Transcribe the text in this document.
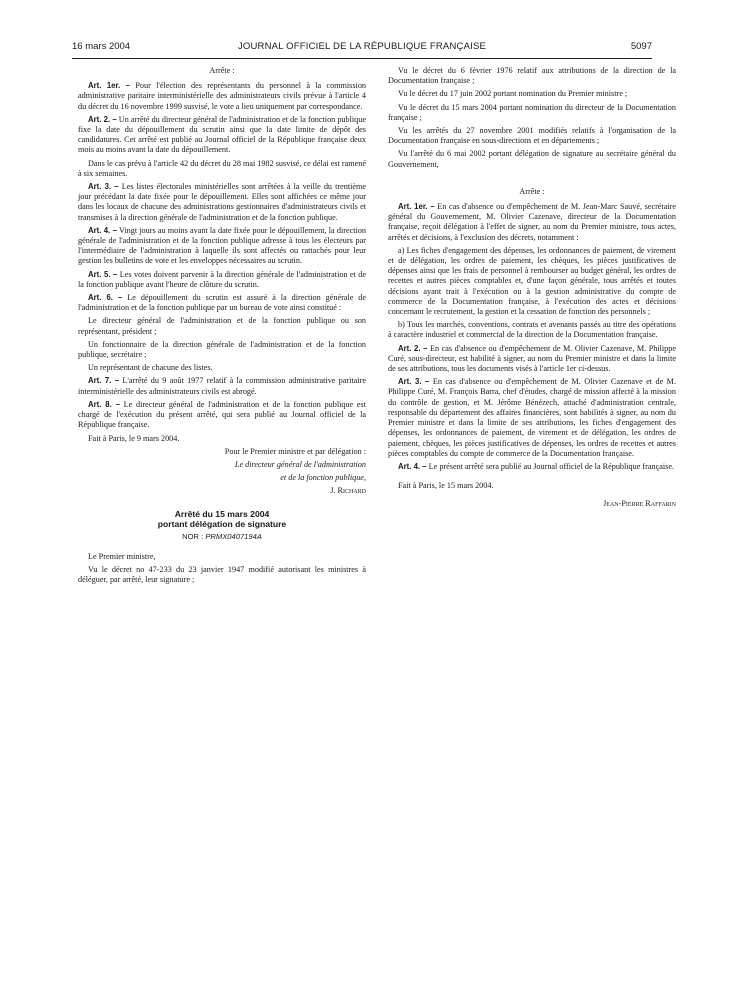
16 mars 2004	JOURNAL OFFICIEL DE LA RÉPUBLIQUE FRANÇAISE	5097

Arrête :

Art. 1er. – Pour l'élection des représentants du personnel à la commission administrative paritaire interministérielle des administrateurs civils prévue à l'article 4 du décret du 16 novembre 1999 susvisé, le vote a lieu uniquement par correspondance.

Art. 2. – Un arrêté du directeur général de l'administration et de la fonction publique fixe la date du dépouillement du scrutin ainsi que la date limite de dépôt des candidatures. Cet arrêté est publié au Journal officiel de la République française deux mois au moins avant la date du dépouillement.

Dans le cas prévu à l'article 42 du décret du 28 mai 1982 susvisé, ce délai est ramené à six semaines.

Art. 3. – Les listes électorales ministérielles sont arrêtées à la veille du trentième jour précédant la date fixée pour le dépouillement. Elles sont affichées ce même jour dans les locaux de chacune des administrations gestionnaires d'administrateurs civils et transmises à la direction générale de l'administration et de la fonction publique.

Art. 4. – Vingt jours au moins avant la date fixée pour le dépouillement, la direction générale de l'administration et de la fonction publique adresse à tous les électeurs par l'intermédiaire de l'administration à laquelle ils sont affectés ou rattachés pour leur gestion les bulletins de vote et les enveloppes nécessaires au scrutin.

Art. 5. – Les votes doivent parvenir à la direction générale de l'administration et de la fonction publique avant l'heure de clôture du scrutin.

Art. 6. – Le dépouillement du scrutin est assuré à la direction générale de l'administration et de la fonction publique par un bureau de vote ainsi constitué :

Le directeur général de l'administration et de la fonction publique ou son représentant, président ;

Un fonctionnaire de la direction générale de l'administration et de la fonction publique, secrétaire ;

Un représentant de chacune des listes.

Art. 7. – L'arrêté du 9 août 1977 relatif à la commission administrative paritaire interministérielle des administrateurs civils est abrogé.

Art. 8. – Le directeur général de l'administration et de la fonction publique est chargé de l'exécution du présent arrêté, qui sera publié au Journal officiel de la République française.

Fait à Paris, le 9 mars 2004.

Pour le Premier ministre et par délégation :

Le directeur général de l'administration

et de la fonction publique,

J. Richard

Arrêté du 15 mars 2004
portant délégation de signature
NOR : PRMX0407194A

Le Premier ministre,

Vu le décret no 47-233 du 23 janvier 1947 modifié autorisant les ministres à déléguer, par arrêté, leur signature ;

Vu le décret du 6 février 1976 relatif aux attributions de la direction de la Documentation française ;

Vu le décret du 17 juin 2002 portant nomination du Premier ministre ;

Vu le décret du 15 mars 2004 portant nomination du directeur de la Documentation française ;

Vu les arrêtés du 27 novembre 2001 modifiés relatifs à l'organisation de la Documentation française en sous-directions et en départements ;

Vu l'arrêté du 6 mai 2002 portant délégation de signature au secrétaire général du Gouvernement,

Arrête :

Art. 1er. – En cas d'absence ou d'empêchement de M. Jean-Marc Sauvé, secrétaire général du Gouvernement, M. Olivier Cazenave, directeur de la Documentation française, reçoit délégation à l'effet de signer, au nom du Premier ministre, tous actes, arrêtés et décisions, à l'exclusion des décrets, notamment :

a) Les fiches d'engagement des dépenses, les ordonnances de paiement, de virement et de délégation, les ordres de paiement, les chèques, les pièces justificatives de dépenses ainsi que les frais de personnel à rembourser au budget général, les ordres de recettes et autres pièces comptables et, d'une façon générale, tous arrêtés et toutes décisions ayant trait à l'exécution ou à la gestion administrative du compte de commerce de la Documentation française, à l'exécution des actes et décisions concernant le recrutement, la gestion et la cessation de fonction des personnels ;

b) Tous les marchés, conventions, contrats et avenants passés au titre des opérations à caractère industriel et commercial de la direction de la Documentation française.

Art. 2. – En cas d'absence ou d'empêchement de M. Olivier Cazenave, M. Philippe Curé, sous-directeur, est habilité à signer, au nom du Premier ministre et dans la limite de ses attributions, tous les documents visés à l'article 1er ci-dessus.

Art. 3. – En cas d'absence ou d'empêchement de M. Olivier Cazenave et de M. Philippe Curé, M. François Barra, chef d'études, chargé de mission affecté à la mission du contrôle de gestion, et M. Jérôme Bénézech, attaché d'administration centrale, responsable du département des affaires financières, sont habilités à signer, au nom du Premier ministre et dans la limite de ses attributions, les fiches d'engagement des dépenses, les ordonnances de paiement, de virement et de délégation, les ordres de paiement, chèques, les pièces justificatives de dépenses, les ordres de recettes et autres pièces comptables du compte de commerce de la Documentation française.

Art. 4. – Le présent arrêté sera publié au Journal officiel de la République française.

Fait à Paris, le 15 mars 2004.

Jean-Pierre Raffarin
